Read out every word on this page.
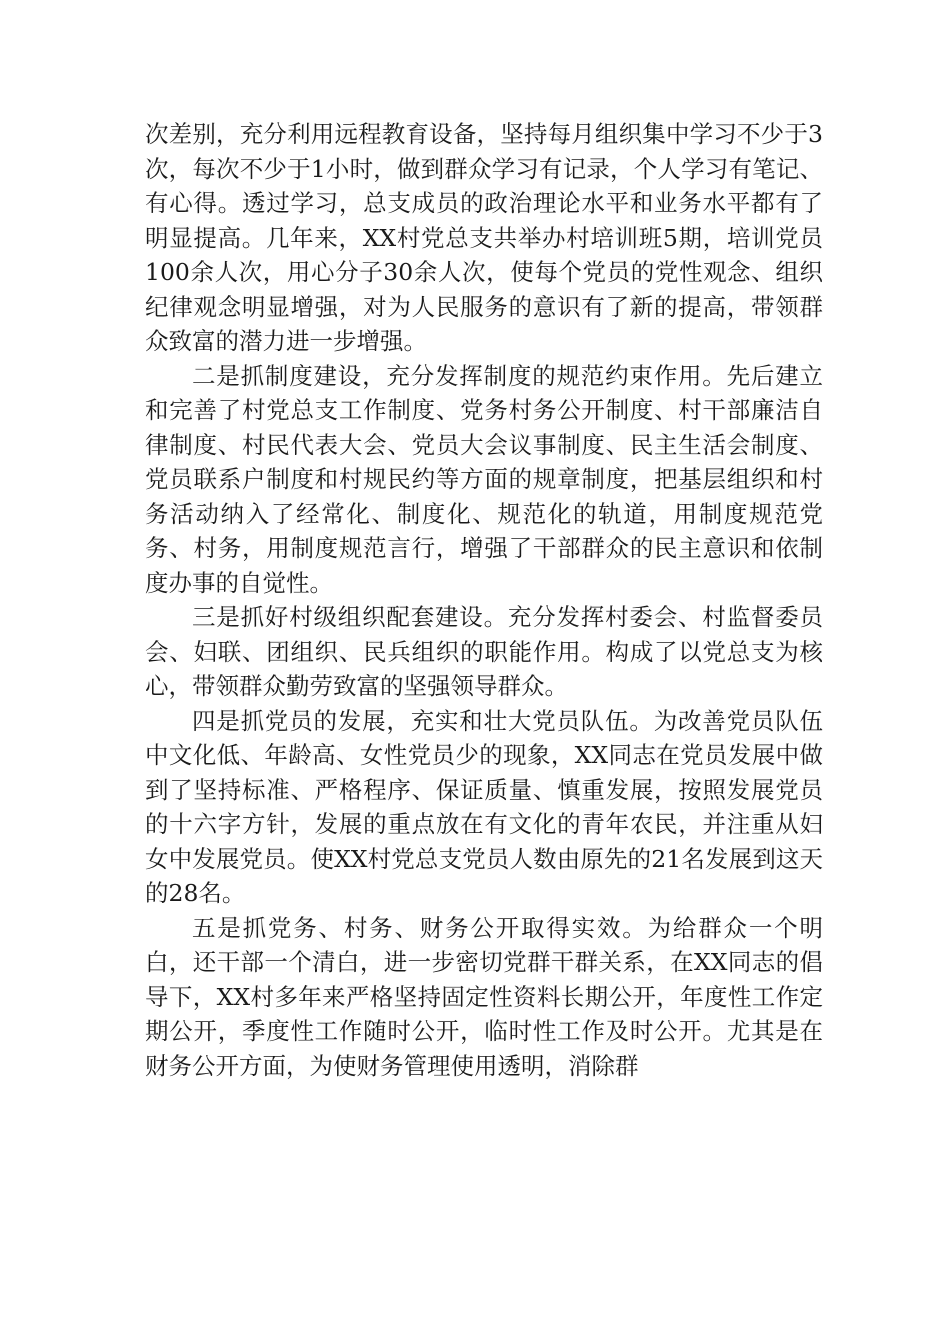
次差别，充分利用远程教育设备，坚持每月组织集中学习不少于3次，每次不少于1小时，做到群众学习有记录，个人学习有笔记、有心得。透过学习，总支成员的政治理论水平和业务水平都有了明显提高。几年来，XX村党总支共举办村培训班5期，培训党员100余人次，用心分子30余人次，使每个党员的党性观念、组织纪律观念明显增强，对为人民服务的意识有了新的提高，带领群众致富的潜力进一步增强。

二是抓制度建设，充分发挥制度的规范约束作用。先后建立和完善了村党总支工作制度、党务村务公开制度、村干部廉洁自律制度、村民代表大会、党员大会议事制度、民主生活会制度、党员联系户制度和村规民约等方面的规章制度，把基层组织和村务活动纳入了经常化、制度化、规范化的轨道，用制度规范党务、村务，用制度规范言行，增强了干部群众的民主意识和依制度办事的自觉性。

三是抓好村级组织配套建设。充分发挥村委会、村监督委员会、妇联、团组织、民兵组织的职能作用。构成了以党总支为核心，带领群众勤劳致富的坚强领导群众。

四是抓党员的发展，充实和壮大党员队伍。为改善党员队伍中文化低、年龄高、女性党员少的现象，XX同志在党员发展中做到了坚持标准、严格程序、保证质量、慎重发展，按照发展党员的十六字方针，发展的重点放在有文化的青年农民，并注重从妇女中发展党员。使XX村党总支党员人数由原先的21名发展到这天的28名。

五是抓党务、村务、财务公开取得实效。为给群众一个明白，还干部一个清白，进一步密切党群干群关系，在XX同志的倡导下，XX村多年来严格坚持固定性资料长期公开，年度性工作定期公开，季度性工作随时公开，临时性工作及时公开。尤其是在财务公开方面，为使财务管理使用透明，消除群
